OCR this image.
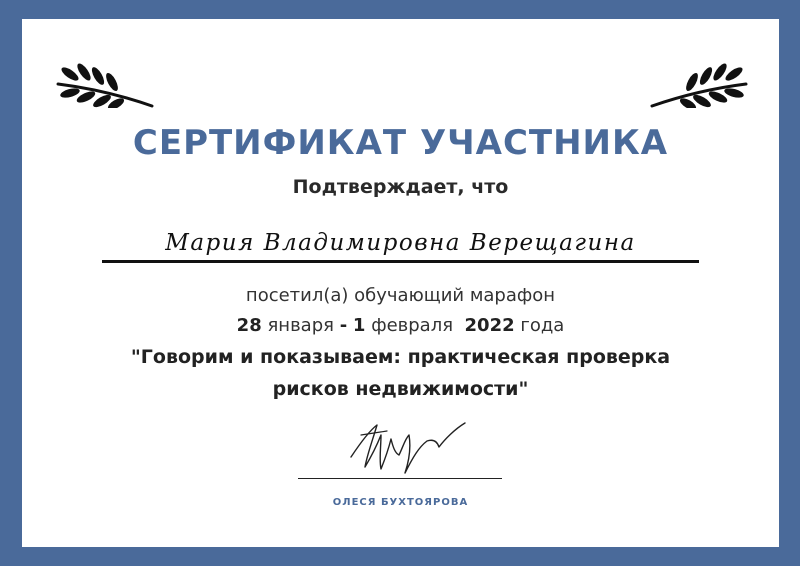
СЕРТИФИКАТ УЧАСТНИКА
Подтверждает, что
Мария Владимировна Верещагина
посетил(а) обучающий марафон
28 января - 1 февраля 2022 года
"Говорим и показываем: практическая проверка
рисков недвижимости"
ОЛЕСЯ БУХТОЯРОВА
